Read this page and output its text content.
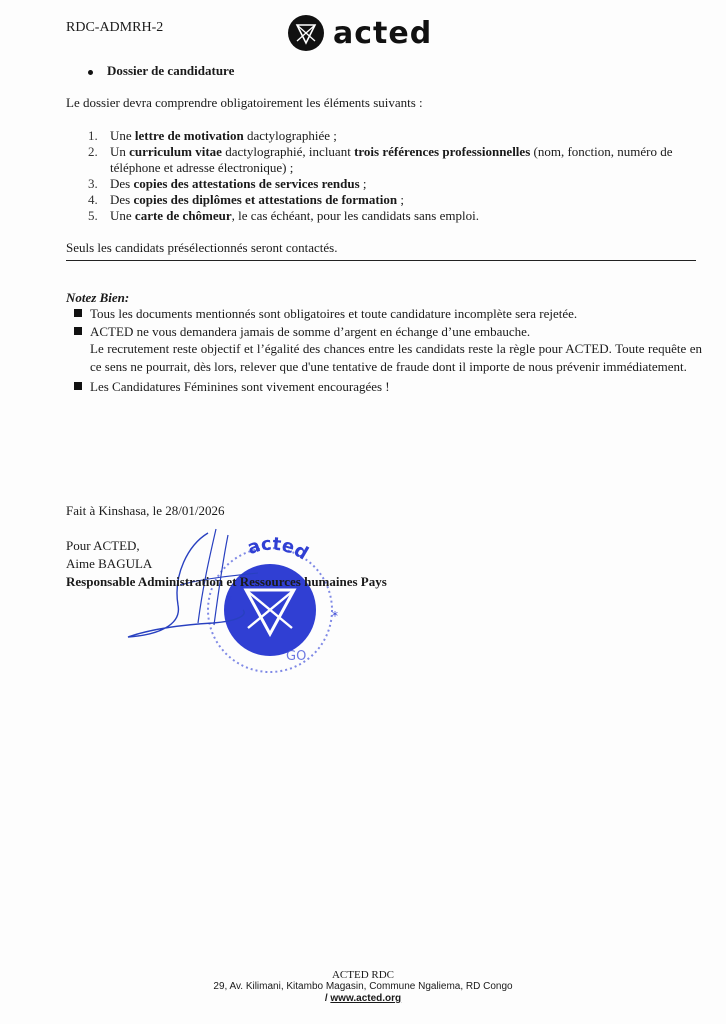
RDC-ADMRH-2	acted
Dossier de candidature
Le dossier devra comprendre obligatoirement les éléments suivants :
1. Une lettre de motivation dactylographiée ;
2. Un curriculum vitae dactylographié, incluant trois références professionnelles (nom, fonction, numéro de téléphone et adresse électronique) ;
3. Des copies des attestations de services rendus ;
4. Des copies des diplômes et attestations de formation ;
5. Une carte de chômeur, le cas échéant, pour les candidats sans emploi.
Seuls les candidats présélectionnés seront contactés.
Notez Bien:
Tous les documents mentionnés sont obligatoires et toute candidature incomplète sera rejetée.
ACTED ne vous demandera jamais de somme d’argent en échange d’une embauche.
Le recrutement reste objectif et l’égalité des chances entre les candidats reste la règle pour ACTED. Toute requête en ce sens ne pourrait, dès lors, relever que d'une tentative de fraude dont il importe de nous prévenir immédiatement.
Les Candidatures Féminines sont vivement encouragées !
Fait à Kinshasa, le 28/01/2026
acted
*
*
GO
Pour ACTED,
Aime BAGULA
Responsable Administration et Ressources humaines Pays
ACTED RDC
29, Av. Kilimani, Kitambo Magasin, Commune Ngaliema, RD Congo
/ www.acted.org
